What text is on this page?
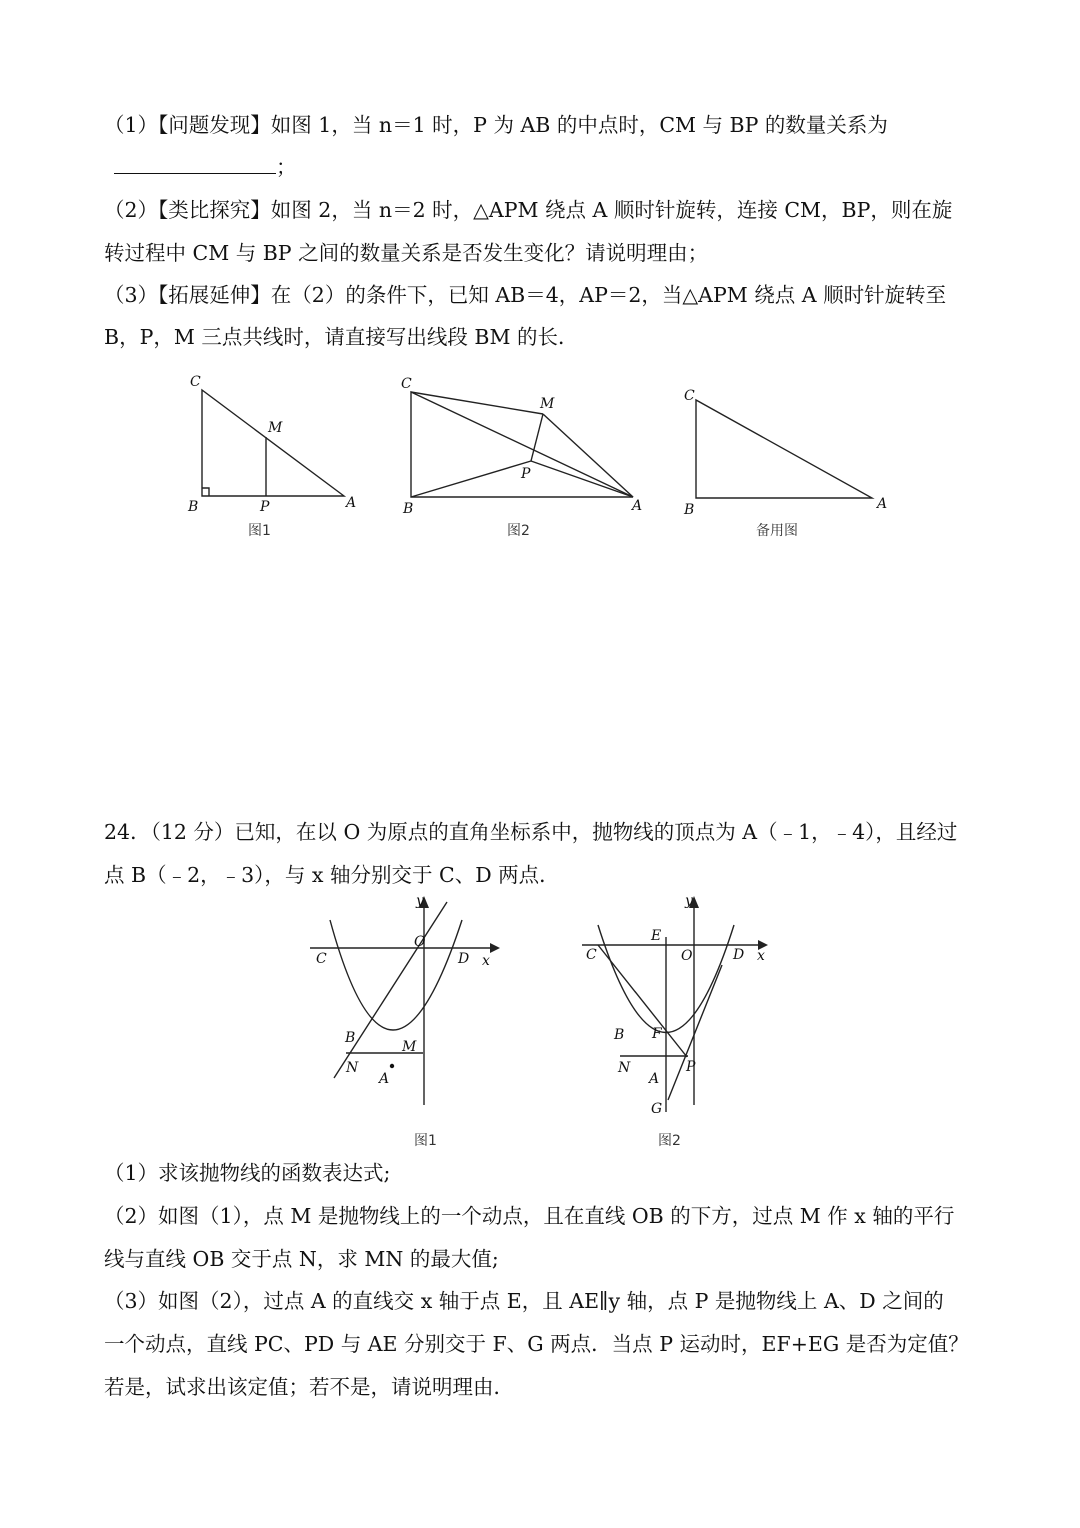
（1）【问题发现】如图 1，当 n＝1 时，P 为 AB 的中点时，CM 与 BP 的数量关系为
；
（2）【类比探究】如图 2，当 n＝2 时，△APM 绕点 A 顺时针旋转，连接 CM，BP，则在旋
转过程中 CM 与 BP 之间的数量关系是否发生变化？请说明理由；
（3）【拓展延伸】在（2）的条件下，已知 AB＝4，AP＝2，当△APM 绕点 A 顺时针旋转至
B，P，M 三点共线时，请直接写出线段 BM 的长．
C
M
B	P	A
图1
C
M
P
B	A
图2
C
B	A
备用图
24．（12 分）已知，在以 O 为原点的直角坐标系中，抛物线的顶点为 A（﹣1，﹣4），且经过
点 B（﹣2，﹣3），与 x 轴分别交于 C、D 两点．
O
y
C	D x
B
M
N
A
图1
y
E
C	O	D x
B F
N	P
A
G
图2
（1）求该抛物线的函数表达式;
（2）如图（1），点 M 是抛物线上的一个动点，且在直线 OB 的下方，过点 M 作 x 轴的平行
线与直线 OB 交于点 N，求 MN 的最大值;
（3）如图（2），过点 A 的直线交 x 轴于点 E，且 AE∥y 轴，点 P 是抛物线上 A、D 之间的
一个动点，直线 PC、PD 与 AE 分别交于 F、G 两点．当点 P 运动时，EF+EG 是否为定值？
若是，试求出该定值；若不是，请说明理由．
